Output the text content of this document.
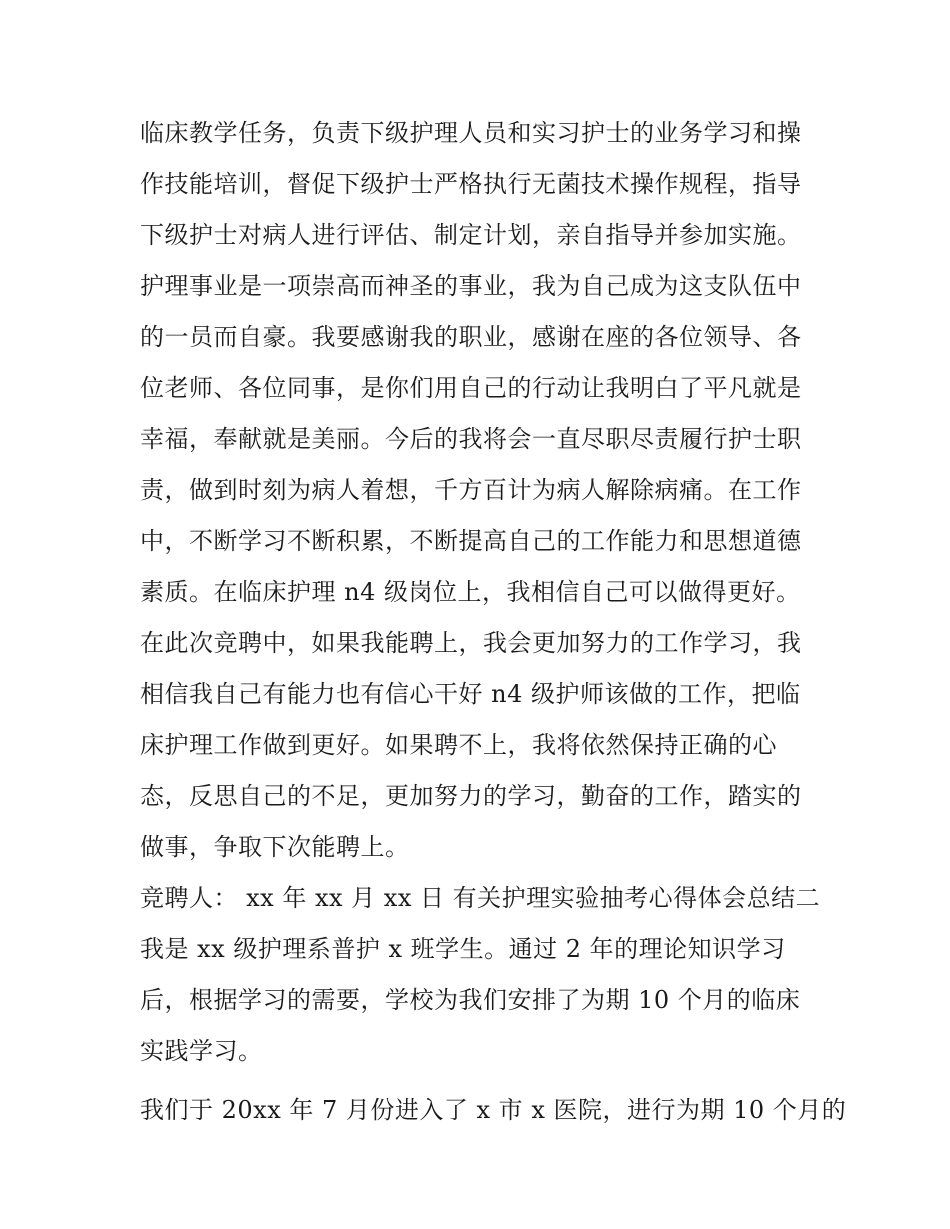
临床教学任务，负责下级护理人员和实习护士的业务学习和操
作技能培训，督促下级护士严格执行无菌技术操作规程，指导
下级护士对病人进行评估、制定计划，亲自指导并参加实施。
护理事业是一项崇高而神圣的事业，我为自己成为这支队伍中
的一员而自豪。我要感谢我的职业，感谢在座的各位领导、各
位老师、各位同事，是你们用自己的行动让我明白了平凡就是
幸福，奉献就是美丽。今后的我将会一直尽职尽责履行护士职
责，做到时刻为病人着想，千方百计为病人解除病痛。在工作
中，不断学习不断积累，不断提高自己的工作能力和思想道德
素质。在临床护理 n4 级岗位上，我相信自己可以做得更好。
在此次竞聘中，如果我能聘上，我会更加努力的工作学习，我
相信我自己有能力也有信心干好 n4 级护师该做的工作，把临
床护理工作做到更好。如果聘不上，我将依然保持正确的心
态，反思自己的不足，更加努力的学习，勤奋的工作，踏实的
做事，争取下次能聘上。
竞聘人： xx 年 xx 月 xx 日 有关护理实验抽考心得体会总结二
我是 xx 级护理系普护 x 班学生。通过 2 年的理论知识学习
后，根据学习的需要，学校为我们安排了为期 10 个月的临床
实践学习。
我们于 20xx 年 7 月份进入了 x 市 x 医院，进行为期 10 个月的
